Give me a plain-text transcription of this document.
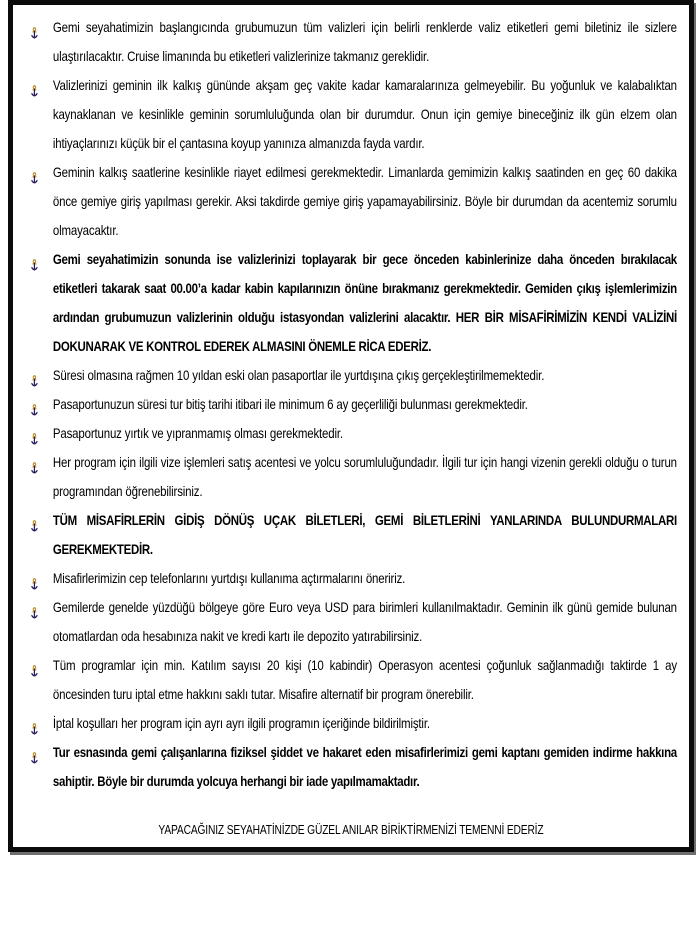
Gemi seyahatimizin başlangıcında grubumuzun tüm valizleri için belirli renklerde valiz etiketleri gemi biletiniz ile sizlere ulaştırılacaktır. Cruise limanında bu etiketleri valizlerinize takmanız gereklidir.
Valizlerinizi geminin ilk kalkış gününde akşam geç vakite kadar kamaralarınıza gelmeyebilir. Bu yoğunluk ve kalabalıktan kaynaklanan ve kesinlikle geminin sorumluluğunda olan bir durumdur. Onun için gemiye bineceğiniz ilk gün elzem olan ihtiyaçlarınızı küçük bir el çantasına koyup yanınıza almanızda fayda vardır.
Geminin kalkış saatlerine kesinlikle riayet edilmesi gerekmektedir. Limanlarda gemimizin kalkış saatinden en geç 60 dakika önce gemiye giriş yapılması gerekir. Aksi takdirde gemiye giriş yapamayabilirsiniz. Böyle bir durumdan da acentemiz sorumlu olmayacaktır.
Gemi seyahatimizin sonunda ise valizlerinizi toplayarak bir gece önceden kabinlerinize daha önceden bırakılacak etiketleri takarak saat 00.00’a kadar kabin kapılarınızın önüne bırakmanız gerekmektedir. Gemiden çıkış işlemlerimizin ardından grubumuzun valizlerinin olduğu istasyondan valizlerini alacaktır. HER BİR MİSAFİRİMİZİN KENDİ VALİZİNİ DOKUNARAK VE KONTROL EDEREK ALMASINI ÖNEMLE RİCA EDERİZ.
Süresi olmasına rağmen 10 yıldan eski olan pasaportlar ile yurtdışına çıkış gerçekleştirilmemektedir.
Pasaportunuzun süresi tur bitiş tarihi itibari ile minimum 6 ay geçerliliği bulunması gerekmektedir.
Pasaportunuz yırtık ve yıpranmamış olması gerekmektedir.
Her program için ilgili vize işlemleri satış acentesi ve yolcu sorumluluğundadır. İlgili tur için hangi vizenin gerekli olduğu o turun programından öğrenebilirsiniz.
TÜM MİSAFİRLERİN GİDİŞ DÖNÜŞ UÇAK BİLETLERİ, GEMİ BİLETLERİNİ YANLARINDA BULUNDURMALARI GEREKMEKTEDİR.
Misafirlerimizin cep telefonlarını yurtdışı kullanıma açtırmalarını öneririz.
Gemilerde genelde yüzdüğü bölgeye göre Euro veya USD para birimleri kullanılmaktadır. Geminin ilk günü gemide bulunan otomatlardan oda hesabınıza nakit ve kredi kartı ile depozito yatırabilirsiniz.
Tüm programlar için min. Katılım sayısı 20 kişi (10 kabindir) Operasyon acentesi çoğunluk sağlanmadığı taktirde 1 ay öncesinden turu iptal etme hakkını saklı tutar. Misafire alternatif bir program önerebilir.
İptal koşulları her program için ayrı ayrı ilgili programın içeriğinde bildirilmiştir.
Tur esnasında gemi çalışanlarına fiziksel şiddet ve hakaret eden misafirlerimizi gemi kaptanı gemiden indirme hakkına sahiptir. Böyle bir durumda yolcuya herhangi bir iade yapılmamaktadır.
YAPACAĞINIZ SEYAHATİNİZDE GÜZEL ANILAR BİRİKTİRMENİZİ TEMENNİ EDERİZ
